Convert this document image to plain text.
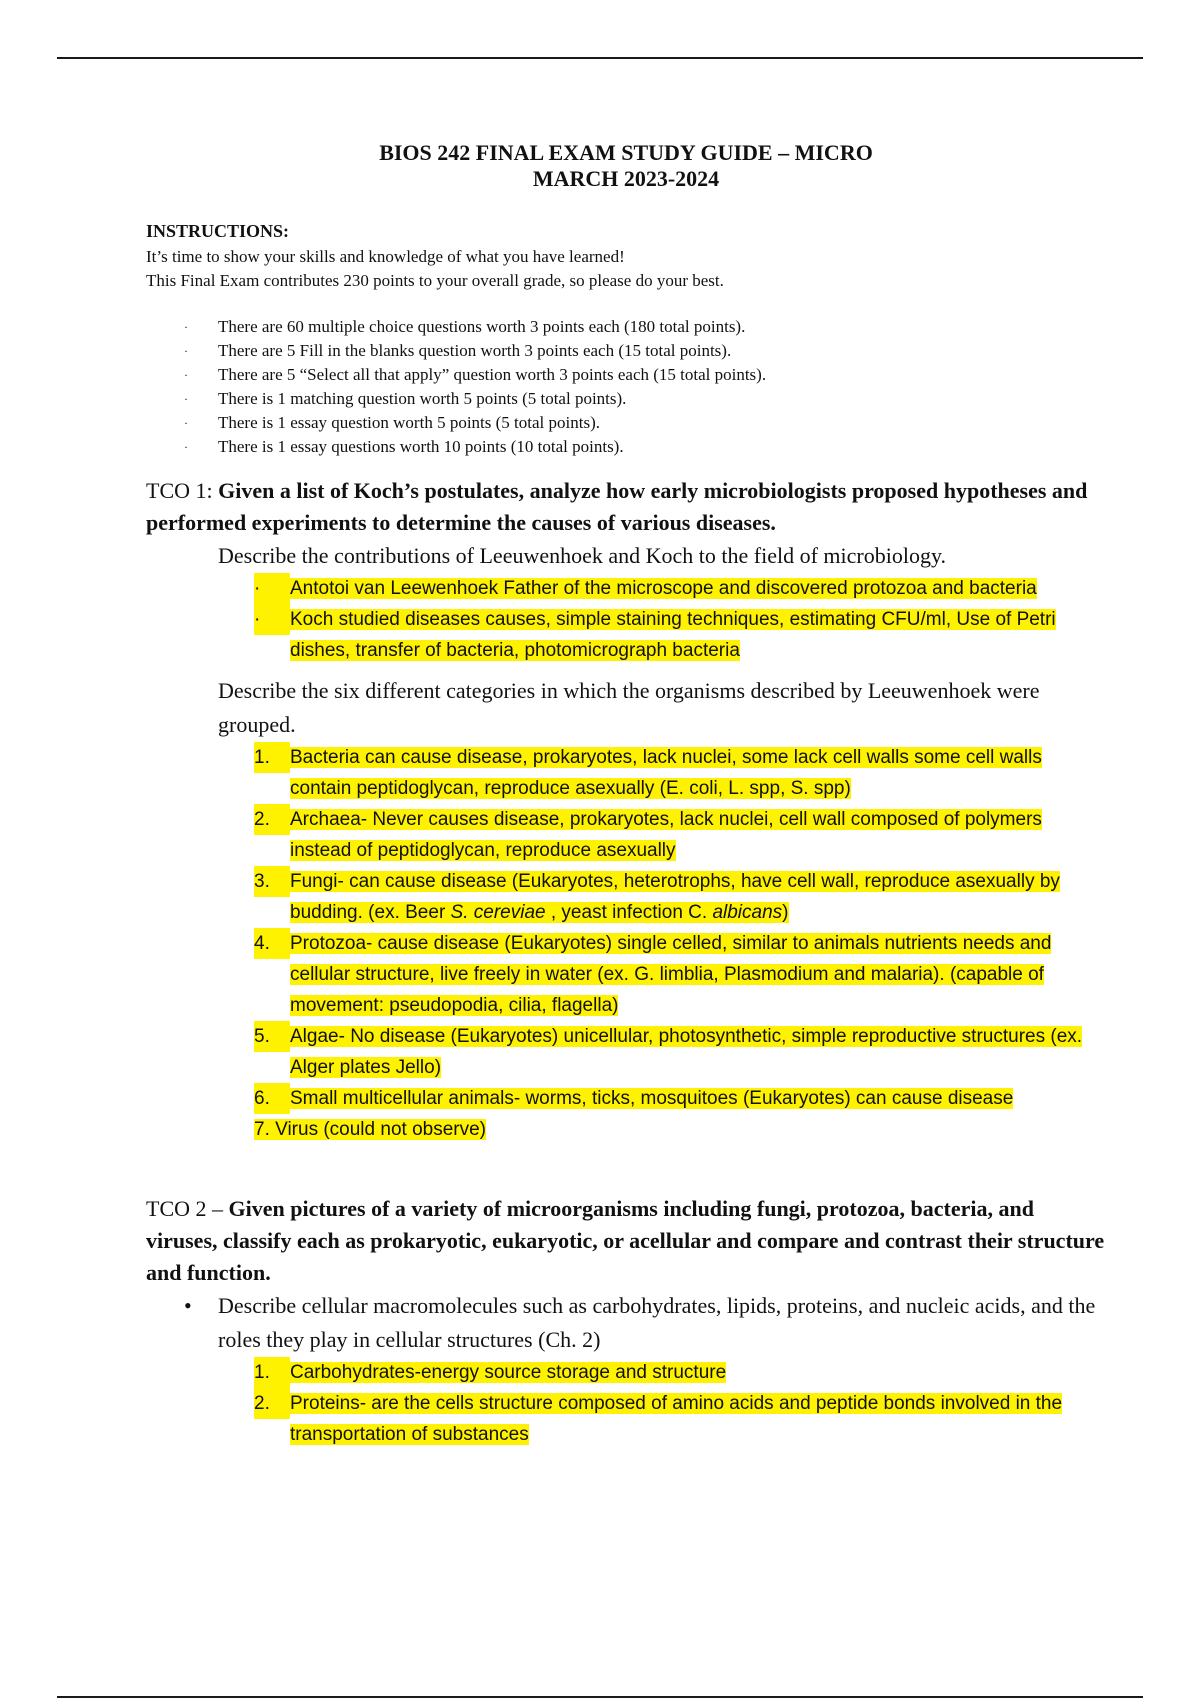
BIOS 242 FINAL EXAM STUDY GUIDE – MICRO
MARCH 2023-2024
INSTRUCTIONS:
It’s time to show your skills and knowledge of what you have learned!
This Final Exam contributes 230 points to your overall grade, so please do your best.
· There are 60 multiple choice questions worth 3 points each (180 total points).
· There are 5 Fill in the blanks question worth 3 points each (15 total points).
· There are 5 “Select all that apply” question worth 3 points each (15 total points).
· There is 1 matching question worth 5 points (5 total points).
· There is 1 essay question worth 5 points (5 total points).
· There is 1 essay questions worth 10 points (10 total points).

TCO 1: Given a list of Koch’s postulates, analyze how early microbiologists proposed hypotheses and performed experiments to determine the causes of various diseases.

Describe the contributions of Leeuwenhoek and Koch to the field of microbiology.

·	Antotoi van Leewenhoek Father of the microscope and discovered protozoa and bacteria
·	Koch studied diseases causes, simple staining techniques, estimating CFU/ml, Use of Petri dishes, transfer of bacteria, photomicrograph bacteria

Describe the six different categories in which the organisms described by Leeuwenhoek were grouped.

1.	Bacteria can cause disease, prokaryotes, lack nuclei, some lack cell walls some cell walls contain peptidoglycan, reproduce asexually (E. coli, L. spp, S. spp)
2.	Archaea- Never causes disease, prokaryotes, lack nuclei, cell wall composed of polymers instead of peptidoglycan, reproduce asexually
3.	Fungi- can cause disease (Eukaryotes, heterotrophs, have cell wall, reproduce asexually by budding. (ex. Beer S. cereviae , yeast infection C. albicans)
4.	Protozoa- cause disease (Eukaryotes) single celled, similar to animals nutrients needs and cellular structure, live freely in water (ex. G. limblia, Plasmodium and malaria). (capable of movement: pseudopodia, cilia, flagella)
5.	Algae- No disease (Eukaryotes) unicellular, photosynthetic, simple reproductive structures (ex. Alger plates Jello)
6.	Small multicellular animals- worms, ticks, mosquitoes (Eukaryotes) can cause disease
7. Virus (could not observe)

TCO 2 – Given pictures of a variety of microorganisms including fungi, protozoa, bacteria, and viruses, classify each as prokaryotic, eukaryotic, or acellular and compare and contrast their structure and function.

• Describe cellular macromolecules such as carbohydrates, lipids, proteins, and nucleic acids, and the roles they play in cellular structures (Ch. 2)

1.	Carbohydrates-energy source storage and structure
2.	Proteins- are the cells structure composed of amino acids and peptide bonds involved in the transportation of substances
